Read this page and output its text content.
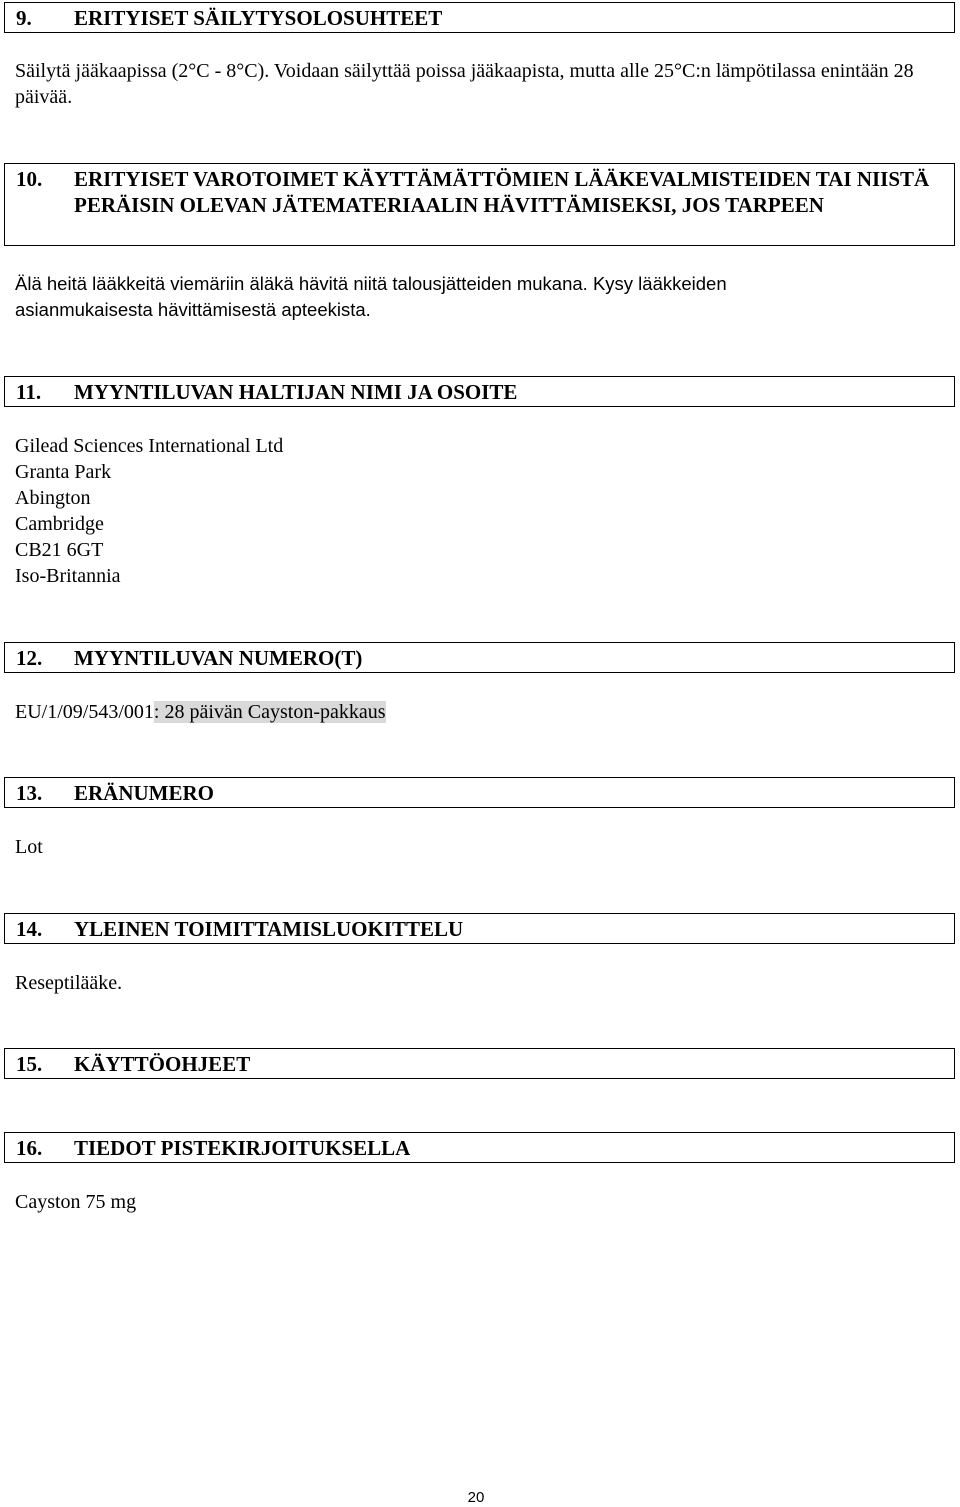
9. ERITYISET SÄILYTYSOLOSUHTEET

Säilytä jääkaapissa (2°C - 8°C). Voidaan säilyttää poissa jääkaapista, mutta alle 25°C:n lämpötilassa enintään 28 päivää.

10.	ERITYISET VAROTOIMET KÄYTTÄMÄTTÖMIEN LÄÄKEVALMISTEIDEN TAI NIISTÄ PERÄISIN OLEVAN JÄTEMATERIAALIN HÄVITTÄMISEKSI, JOS TARPEEN

Älä heitä lääkkeitä viemäriin äläkä hävitä niitä talousjätteiden mukana. Kysy lääkkeiden asianmukaisesta hävittämisestä apteekista.

11. MYYNTILUVAN HALTIJAN NIMI JA OSOITE
Gilead Sciences International Ltd
Granta Park
Abington
Cambridge
CB21 6GT
Iso-Britannia
12. MYYNTILUVAN NUMERO(T)

EU/1/09/543/001: 28 päivän Cayston-pakkaus

13. ERÄNUMERO

Lot

14. YLEINEN TOIMITTAMISLUOKITTELU

Reseptilääke.

15. KÄYTTÖOHJEET
16. TIEDOT PISTEKIRJOITUKSELLA

Cayston 75 mg

20
